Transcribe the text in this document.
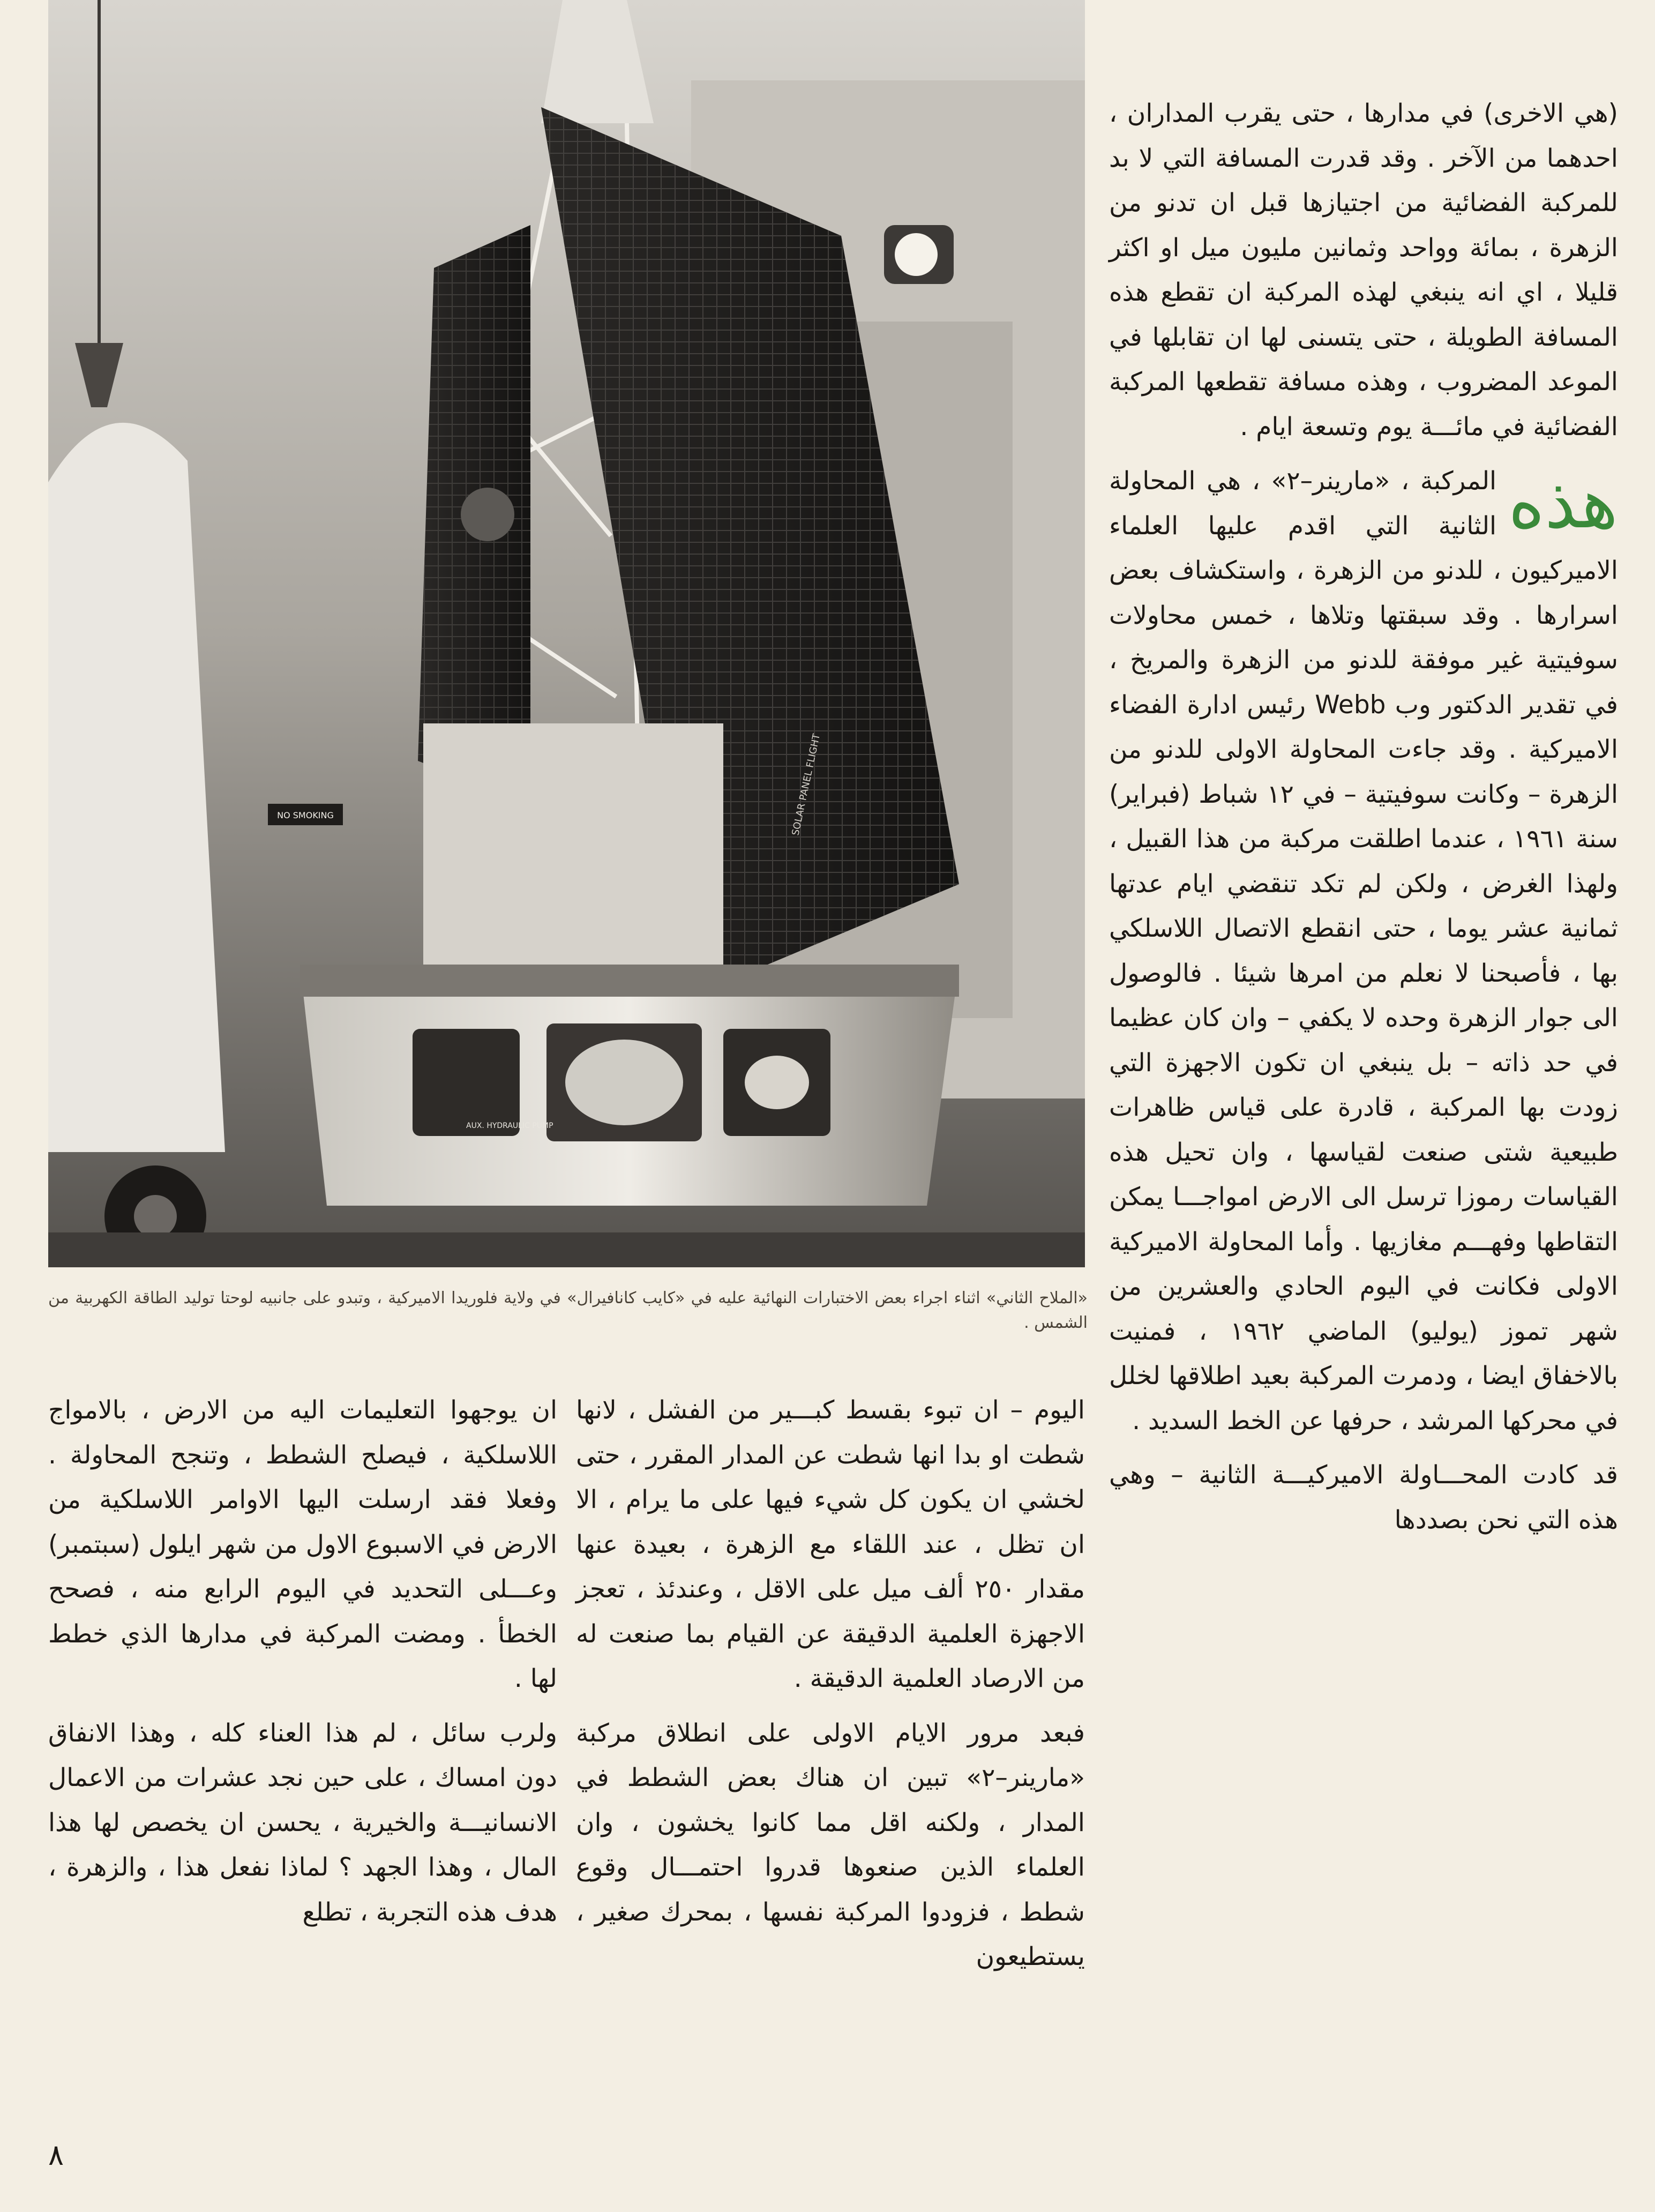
NO SMOKING	SOLAR PANEL FLIGHT
AUX. HYDRAULIC PUMP
«الملاح الثاني» اثناء اجراء بعض الاختبارات النهائية عليه في «كايب كانافيرال» في ولاية فلوريدا الاميركية ، وتبدو على جانبيه لوحتا توليد الطاقة الكهربية من الشمس .

(هي الاخرى) في مدارها ، حتى يقرب المداران ، احدهما من الآخر . وقد قدرت المسافة التي لا بد للمركبة الفضائية من اجتيازها قبل ان تدنو من الزهرة ، بمائة وواحد وثمانين مليون ميل او اكثر قليلا ، اي انه ينبغي لهذه المركبة ان تقطع هذه المسافة الطويلة ، حتى يتسنى لها ان تقابلها في الموعد المضروب ، وهذه مسافة تقطعها المركبة الفضائية في مائـــة يوم وتسعة ايام .

هذه
المركبة ، «مارينر–٢» ، هي المحاولة الثانية التي اقدم عليها العلماء الاميركيون ، للدنو من الزهرة ، واستكشاف بعض اسرارها . وقد سبقتها وتلاها ، خمس محاولات سوفيتية غير موفقة للدنو من الزهرة والمريخ ، في تقدير الدكتور وب Webb رئيس ادارة الفضاء الاميركية . وقد جاءت المحاولة الاولى للدنو من الزهرة – وكانت سوفيتية – في ١٢ شباط (فبراير) سنة ١٩٦١ ، عندما اطلقت مركبة من هذا القبيل ، ولهذا الغرض ، ولكن لم تكد تنقضي ايام عدتها ثمانية عشر يوما ، حتى انقطع الاتصال اللاسلكي بها ، فأصبحنا لا نعلم من امرها شيئا . فالوصول الى جوار الزهرة وحده لا يكفي – وان كان عظيما في حد ذاته – بل ينبغي ان تكون الاجهزة التي زودت بها المركبة ، قادرة على قياس ظاهرات طبيعية شتى صنعت لقياسها ، وان تحيل هذه القياسات رموزا ترسل الى الارض امواجـــا يمكن التقاطها وفهـــم مغازيها . وأما المحاولة الاميركية الاولى فكانت في اليوم الحادي والعشرين من شهر تموز (يوليو) الماضي ١٩٦٢ ، فمنيت بالاخفاق ايضا ، ودمرت المركبة بعيد اطلاقها لخلل في محركها المرشد ، حرفها عن الخط السديد .

قد كادت المحـــاولة الاميركيـــة الثانية – وهي هذه التي نحن بصددها

اليوم – ان تبوء بقسط كبـــير من الفشل ، لانها شطت او بدا انها شطت عن المدار المقرر ، حتى لخشي ان يكون كل شيء فيها على ما يرام ، الا ان تظل ، عند اللقاء مع الزهرة ، بعيدة عنها مقدار ٢٥٠ ألف ميل على الاقل ، وعندئذ ، تعجز الاجهزة العلمية الدقيقة عن القيام بما صنعت له من الارصاد العلمية الدقيقة .

فبعد مرور الايام الاولى على انطلاق مركبة «مارينر–٢» تبين ان هناك بعض الشطط في المدار ، ولكنه اقل مما كانوا يخشون ، وان العلماء الذين صنعوها قدروا احتمـــال وقوع شطط ، فزودوا المركبة نفسها ، بمحرك صغير ، يستطيعون

ان يوجهوا التعليمات اليه من الارض ، بالامواج اللاسلكية ، فيصلح الشطط ، وتنجح المحاولة . وفعلا فقد ارسلت اليها الاوامر اللاسلكية من الارض في الاسبوع الاول من شهر ايلول (سبتمبر) وعـــلى التحديد في اليوم الرابع منه ، فصحح الخطأ . ومضت المركبة في مدارها الذي خطط لها .

ولرب سائل ، لم هذا العناء كله ، وهذا الانفاق دون امساك ، على حين نجد عشرات من الاعمال الانسانيـــة والخيرية ، يحسن ان يخصص لها هذا المال ، وهذا الجهد ؟ لماذا نفعل هذا ، والزهرة ، هدف هذه التجربة ، تطلع

٨
